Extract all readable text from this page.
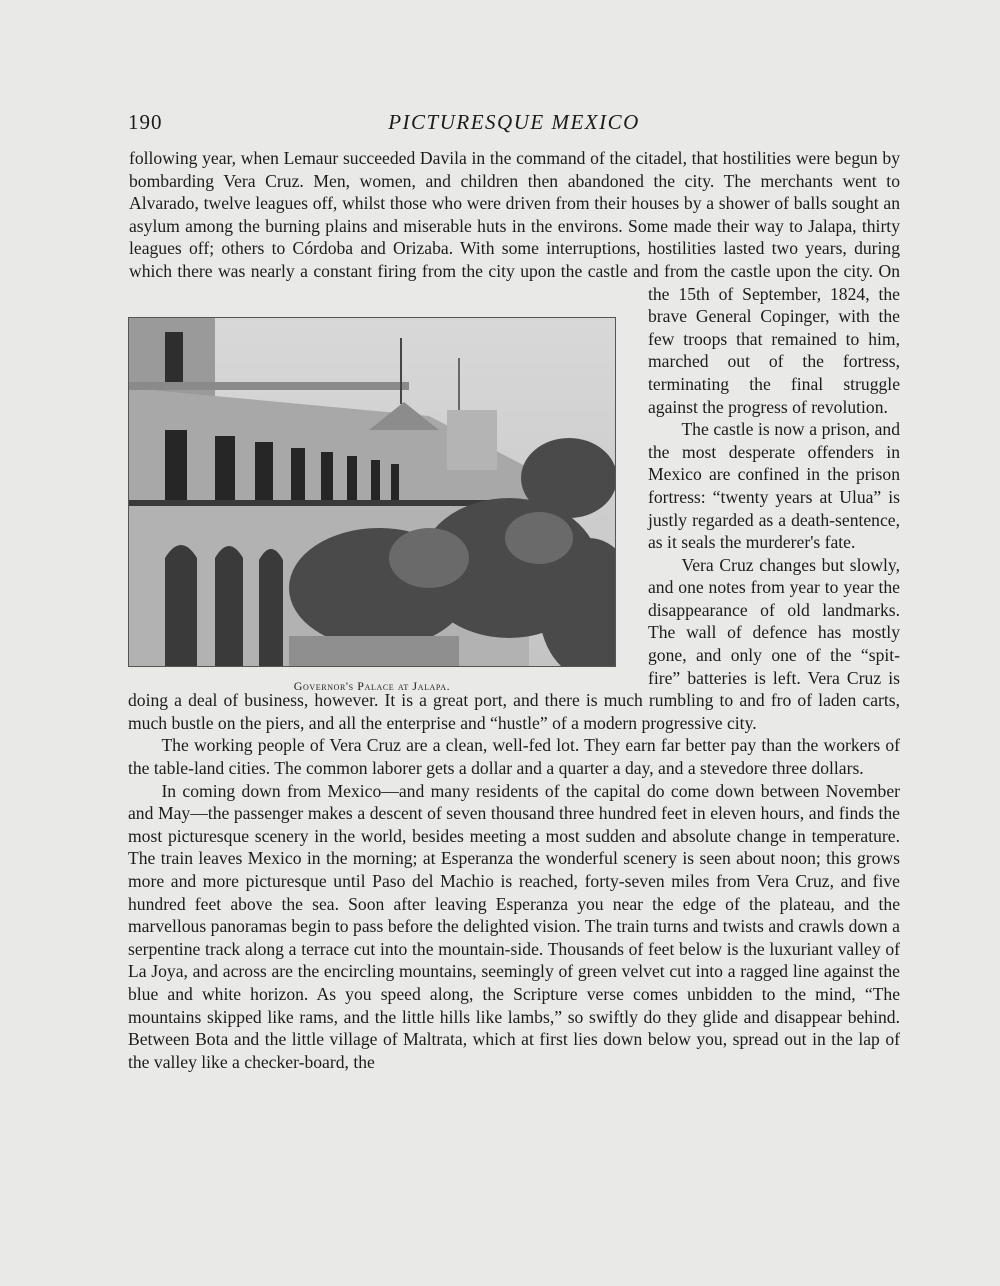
190	PICTURESQUE MEXICO
Governor's Palace at Jalapa.

following year, when Lemaur succeeded Davila in the command of the citadel, that hostilities were begun by bombarding Vera Cruz. Men, women, and children then abandoned the city. The merchants went to Alvarado, twelve leagues off, whilst those who were driven from their houses by a shower of balls sought an asylum among the burning plains and miserable huts in the environs. Some made their way to Jalapa, thirty leagues off; others to Córdoba and Orizaba. With some interruptions, hostilities lasted two years, during which there was nearly a constant firing from the city upon the castle and from the castle upon the city. On the 15th of September, 1824, the brave General Copinger, with the few troops that remained to him, marched out of the fortress, terminating the final struggle against the progress of revolution.

The castle is now a prison, and the most desperate offenders in Mexico are confined in the prison fortress: “twenty years at Ulua” is justly regarded as a death-sentence, as it seals the murderer's fate.

Vera Cruz changes but slowly, and one notes from year to year the disappearance of old landmarks. The wall of defence has mostly gone, and only one of the “spit-fire” batteries is left. Vera Cruz is doing a deal of business, however. It is a great port, and there is much rumbling to and fro of laden carts, much bustle on the piers, and all the enterprise and “hustle” of a modern progressive city.

The working people of Vera Cruz are a clean, well-fed lot. They earn far better pay than the workers of the table-land cities. The common laborer gets a dollar and a quarter a day, and a stevedore three dollars.

In coming down from Mexico—and many residents of the capital do come down between November and May—the passenger makes a descent of seven thousand three hundred feet in eleven hours, and finds the most picturesque scenery in the world, besides meeting a most sudden and absolute change in temperature. The train leaves Mexico in the morning; at Esperanza the wonderful scenery is seen about noon; this grows more and more picturesque until Paso del Machio is reached, forty-seven miles from Vera Cruz, and five hundred feet above the sea. Soon after leaving Esperanza you near the edge of the plateau, and the marvellous panoramas begin to pass before the delighted vision. The train turns and twists and crawls down a serpentine track along a terrace cut into the mountain-side. Thousands of feet below is the luxuriant valley of La Joya, and across are the encircling mountains, seemingly of green velvet cut into a ragged line against the blue and white horizon. As you speed along, the Scripture verse comes unbidden to the mind, “The mountains skipped like rams, and the little hills like lambs,” so swiftly do they glide and disappear behind. Between Bota and the little village of Maltrata, which at first lies down below you, spread out in the lap of the valley like a checker-board, the
